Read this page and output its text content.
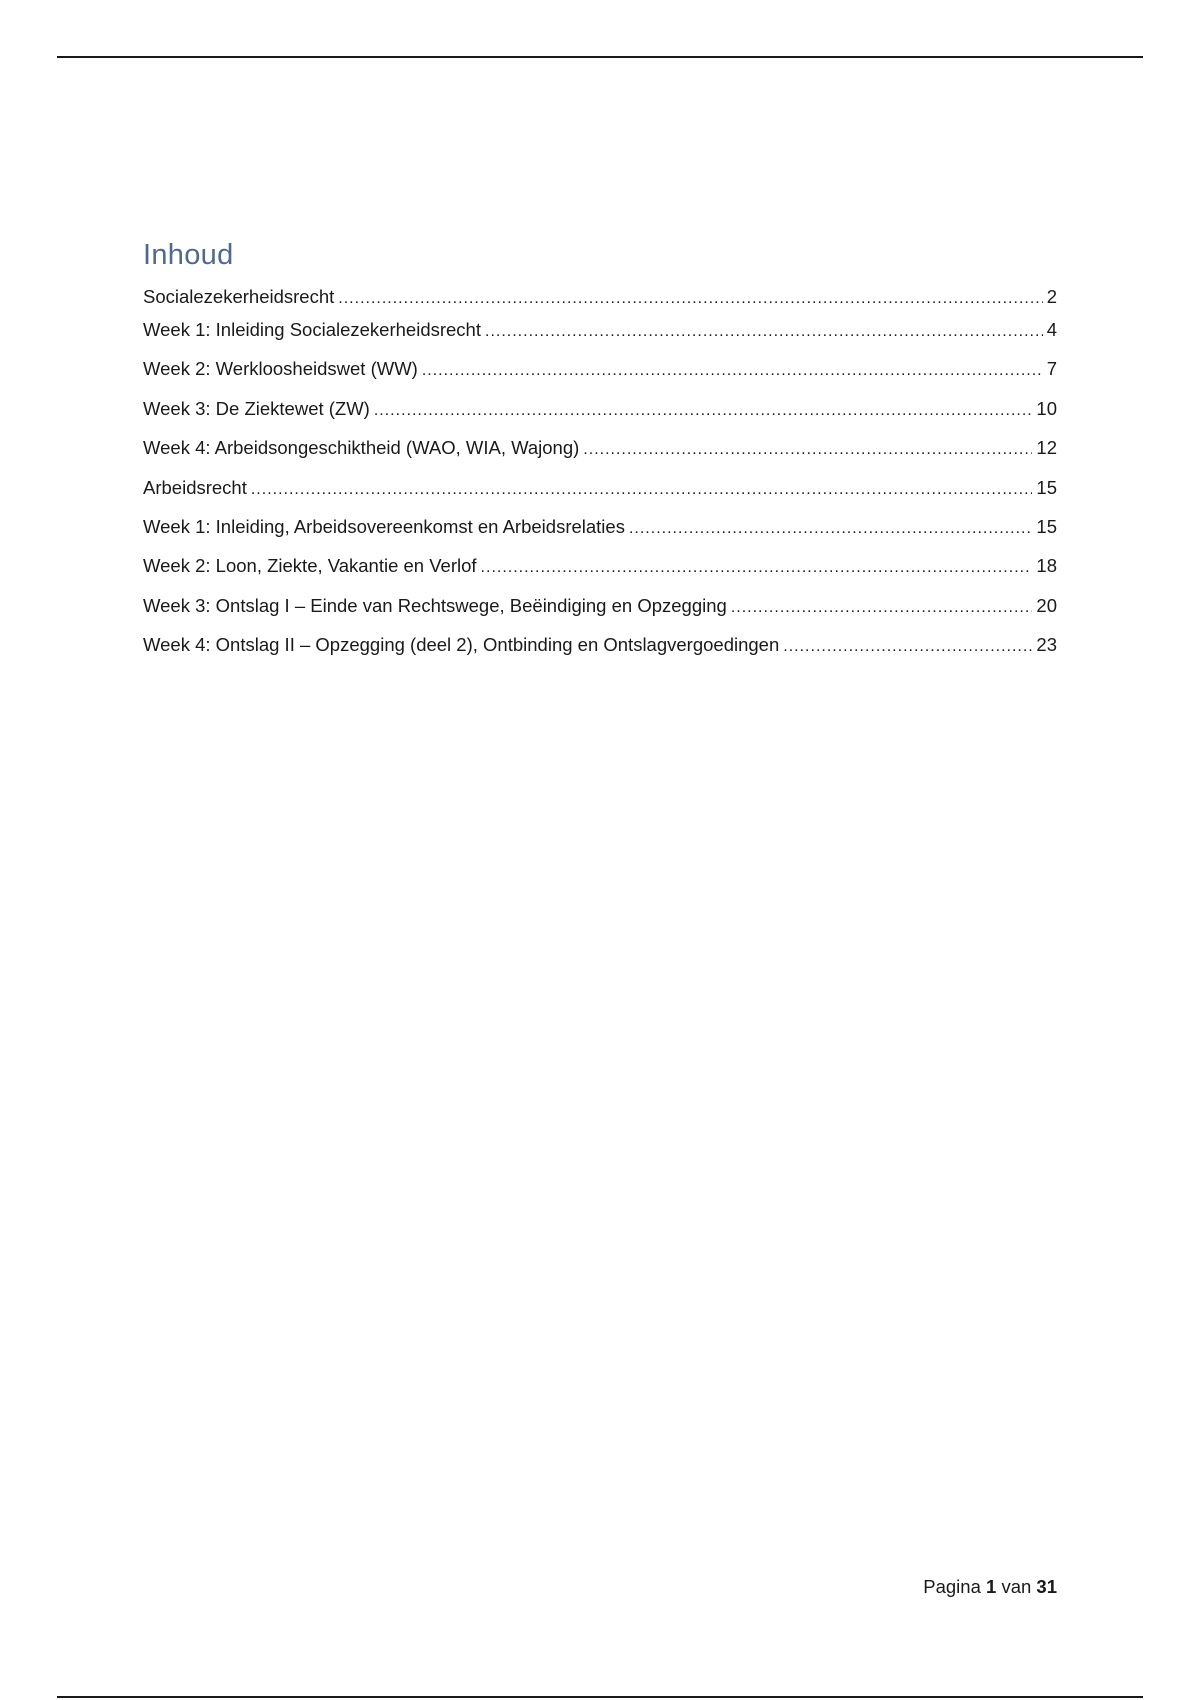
Inhoud
Socialezekerheidsrecht .....	2
Week 1: Inleiding Socialezekerheidsrecht .....	4
Week 2: Werkloosheidswet (WW) .....	7
Week 3: De Ziektewet (ZW) .....	10
Week 4: Arbeidsongeschiktheid (WAO, WIA, Wajong) .....	12
Arbeidsrecht .....	15
Week 1: Inleiding, Arbeidsovereenkomst en Arbeidsrelaties .....	15
Week 2: Loon, Ziekte, Vakantie en Verlof .....	18
Week 3: Ontslag I – Einde van Rechtswege, Beëindiging en Opzegging .....	20
Week 4: Ontslag II – Opzegging (deel 2), Ontbinding en Ontslagvergoedingen .....	23
Pagina 1 van 31
